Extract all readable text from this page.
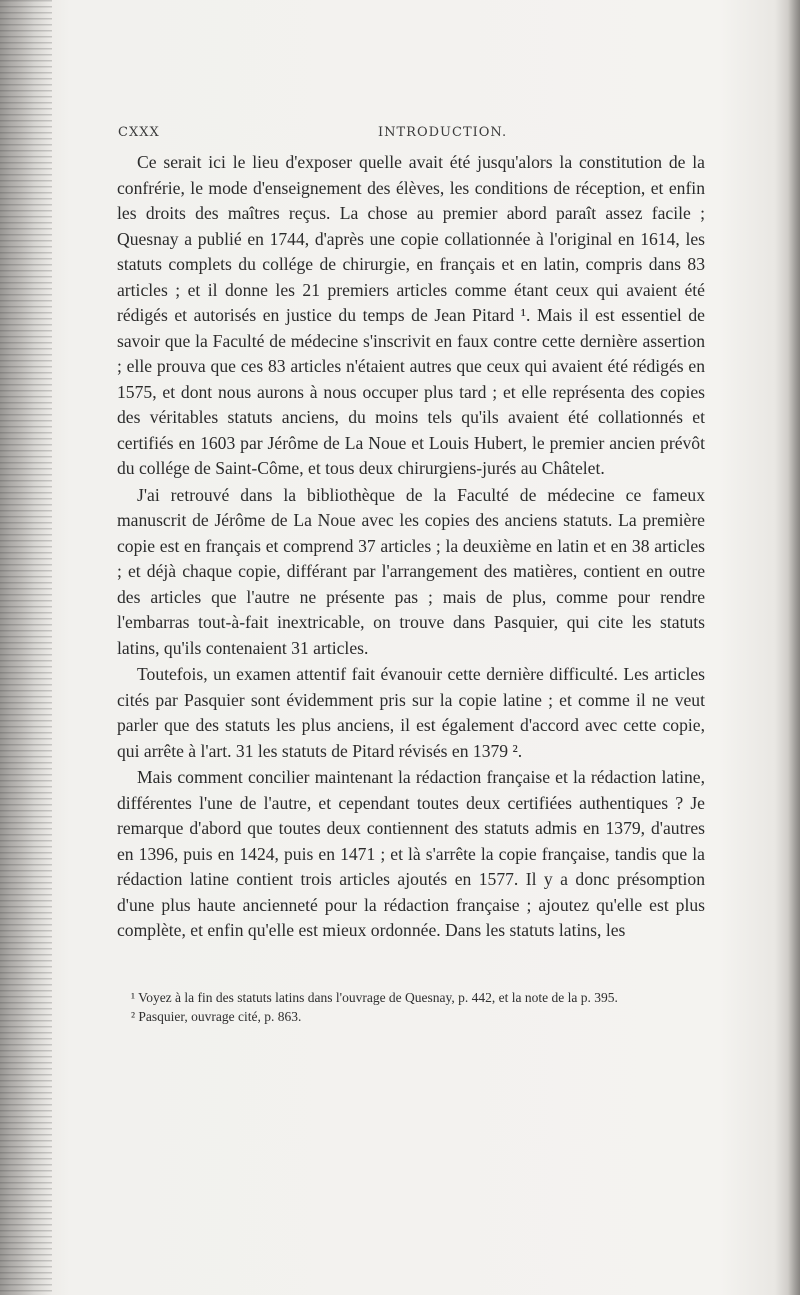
CXXX	INTRODUCTION.

Ce serait ici le lieu d'exposer quelle avait été jusqu'alors la constitution de la confrérie, le mode d'enseignement des élèves, les conditions de réception, et enfin les droits des maîtres reçus. La chose au premier abord paraît assez facile ; Quesnay a publié en 1744, d'après une copie collationnée à l'original en 1614, les statuts complets du collége de chirurgie, en français et en latin, compris dans 83 articles ; et il donne les 21 premiers articles comme étant ceux qui avaient été rédigés et autorisés en justice du temps de Jean Pitard ¹. Mais il est essentiel de savoir que la Faculté de médecine s'inscrivit en faux contre cette dernière assertion ; elle prouva que ces 83 articles n'étaient autres que ceux qui avaient été rédigés en 1575, et dont nous aurons à nous occuper plus tard ; et elle représenta des copies des véritables statuts anciens, du moins tels qu'ils avaient été collationnés et certifiés en 1603 par Jérôme de La Noue et Louis Hubert, le premier ancien prévôt du collége de Saint-Côme, et tous deux chirurgiens-jurés au Châtelet.

J'ai retrouvé dans la bibliothèque de la Faculté de médecine ce fameux manuscrit de Jérôme de La Noue avec les copies des anciens statuts. La première copie est en français et comprend 37 articles ; la deuxième en latin et en 38 articles ; et déjà chaque copie, différant par l'arrangement des matières, contient en outre des articles que l'autre ne présente pas ; mais de plus, comme pour rendre l'embarras tout-à-fait inextricable, on trouve dans Pasquier, qui cite les statuts latins, qu'ils contenaient 31 articles.

Toutefois, un examen attentif fait évanouir cette dernière difficulté. Les articles cités par Pasquier sont évidemment pris sur la copie latine ; et comme il ne veut parler que des statuts les plus anciens, il est également d'accord avec cette copie, qui arrête à l'art. 31 les statuts de Pitard révisés en 1379 ².

Mais comment concilier maintenant la rédaction française et la rédaction latine, différentes l'une de l'autre, et cependant toutes deux certifiées authentiques ? Je remarque d'abord que toutes deux contiennent des statuts admis en 1379, d'autres en 1396, puis en 1424, puis en 1471 ; et là s'arrête la copie française, tandis que la rédaction latine contient trois articles ajoutés en 1577. Il y a donc présomption d'une plus haute ancienneté pour la rédaction française ; ajoutez qu'elle est plus complète, et enfin qu'elle est mieux ordonnée. Dans les statuts latins, les

¹ Voyez à la fin des statuts latins dans l'ouvrage de Quesnay, p. 442, et la note de la p. 395.

² Pasquier, ouvrage cité, p. 863.
